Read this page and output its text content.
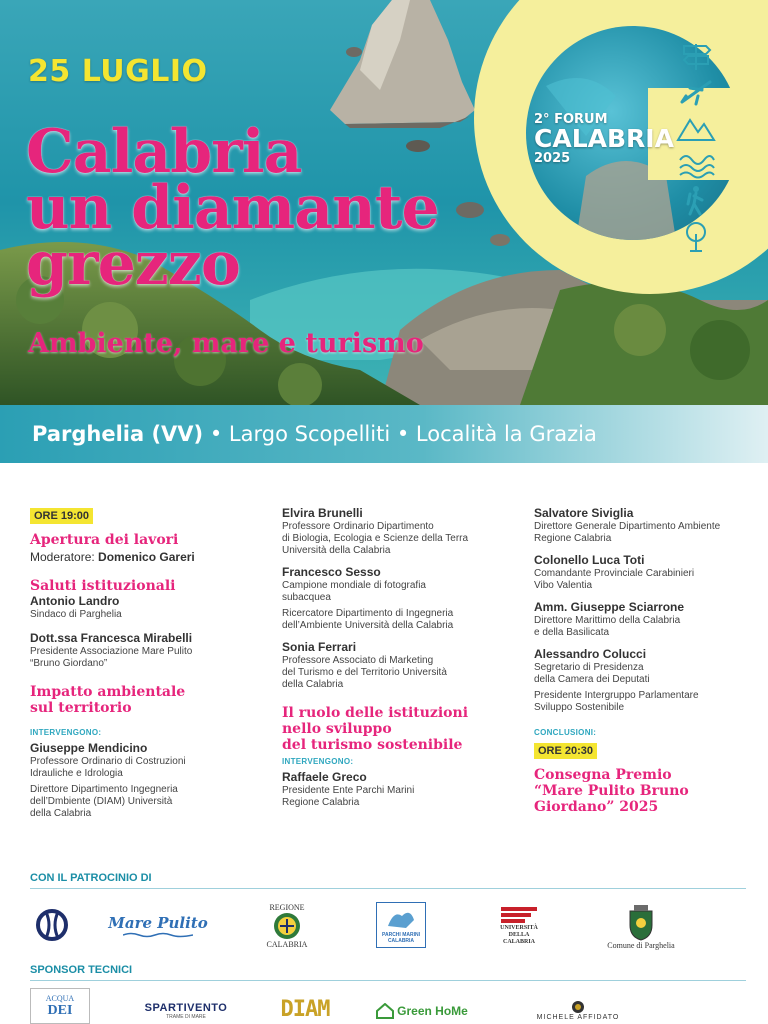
25 LUGLIO
Calabria
un diamante
grezzo
Ambiente, mare e turismo
2° FORUM
CALABRIA
2025
Parghelia (VV) • Largo Scopelliti • Località la Grazia
ORE 19:00
Apertura dei lavori
Moderatore: Domenico Gareri
Saluti istituzionali
Antonio Landro
Sindaco di Parghelia
Dott.ssa Francesca Mirabelli
Presidente Associazione Mare Pulito
“Bruno Giordano”
Impatto ambientale
sul territorio
INTERVENGONO:
Giuseppe Mendicino
Professore Ordinario di Costruzioni
Idrauliche e Idrologia
Direttore Dipartimento Ingegneria
dell’Dmbiente (DIAM) Università
della Calabria
Elvira Brunelli
Professore Ordinario Dipartimento
di Biologia, Ecologia e Scienze della Terra
Università della Calabria
Francesco Sesso
Campione mondiale di fotografia
subacquea
Ricercatore Dipartimento di Ingegneria
dell’Ambiente Università della Calabria
Sonia Ferrari
Professore Associato di Marketing
del Turismo e del Territorio Università
della Calabria
Il ruolo delle istituzioni
nello sviluppo
del turismo sostenibile
INTERVENGONO:
Raffaele Greco
Presidente Ente Parchi Marini
Regione Calabria
Salvatore Siviglia
Direttore Generale Dipartimento Ambiente
Regione Calabria
Colonello Luca Toti
Comandante Provinciale Carabinieri
Vibo Valentia
Amm. Giuseppe Sciarrone
Direttore Marittimo della Calabria
e della Basilicata
Alessandro Colucci
Segretario di Presidenza
della Camera dei Deputati
Presidente Intergruppo Parlamentare
Sviluppo Sostenibile
CONCLUSIONI:
ORE 20:30
Consegna Premio
“Mare Pulito Bruno
Giordano” 2025
CON IL PATROCINIO DI
Mare Pulito
REGIONE
CALABRIA
PARCHI MARINI CALABRIA
UNIVERSITÀ
DELLA
CALABRIA	Comune di Parghelia
SPONSOR TECNICI
ACQUA
DEI	SPARTIVENTO
TRAME DI MARE	DIAM	Green HoMe	MICHELE AFFIDATO
